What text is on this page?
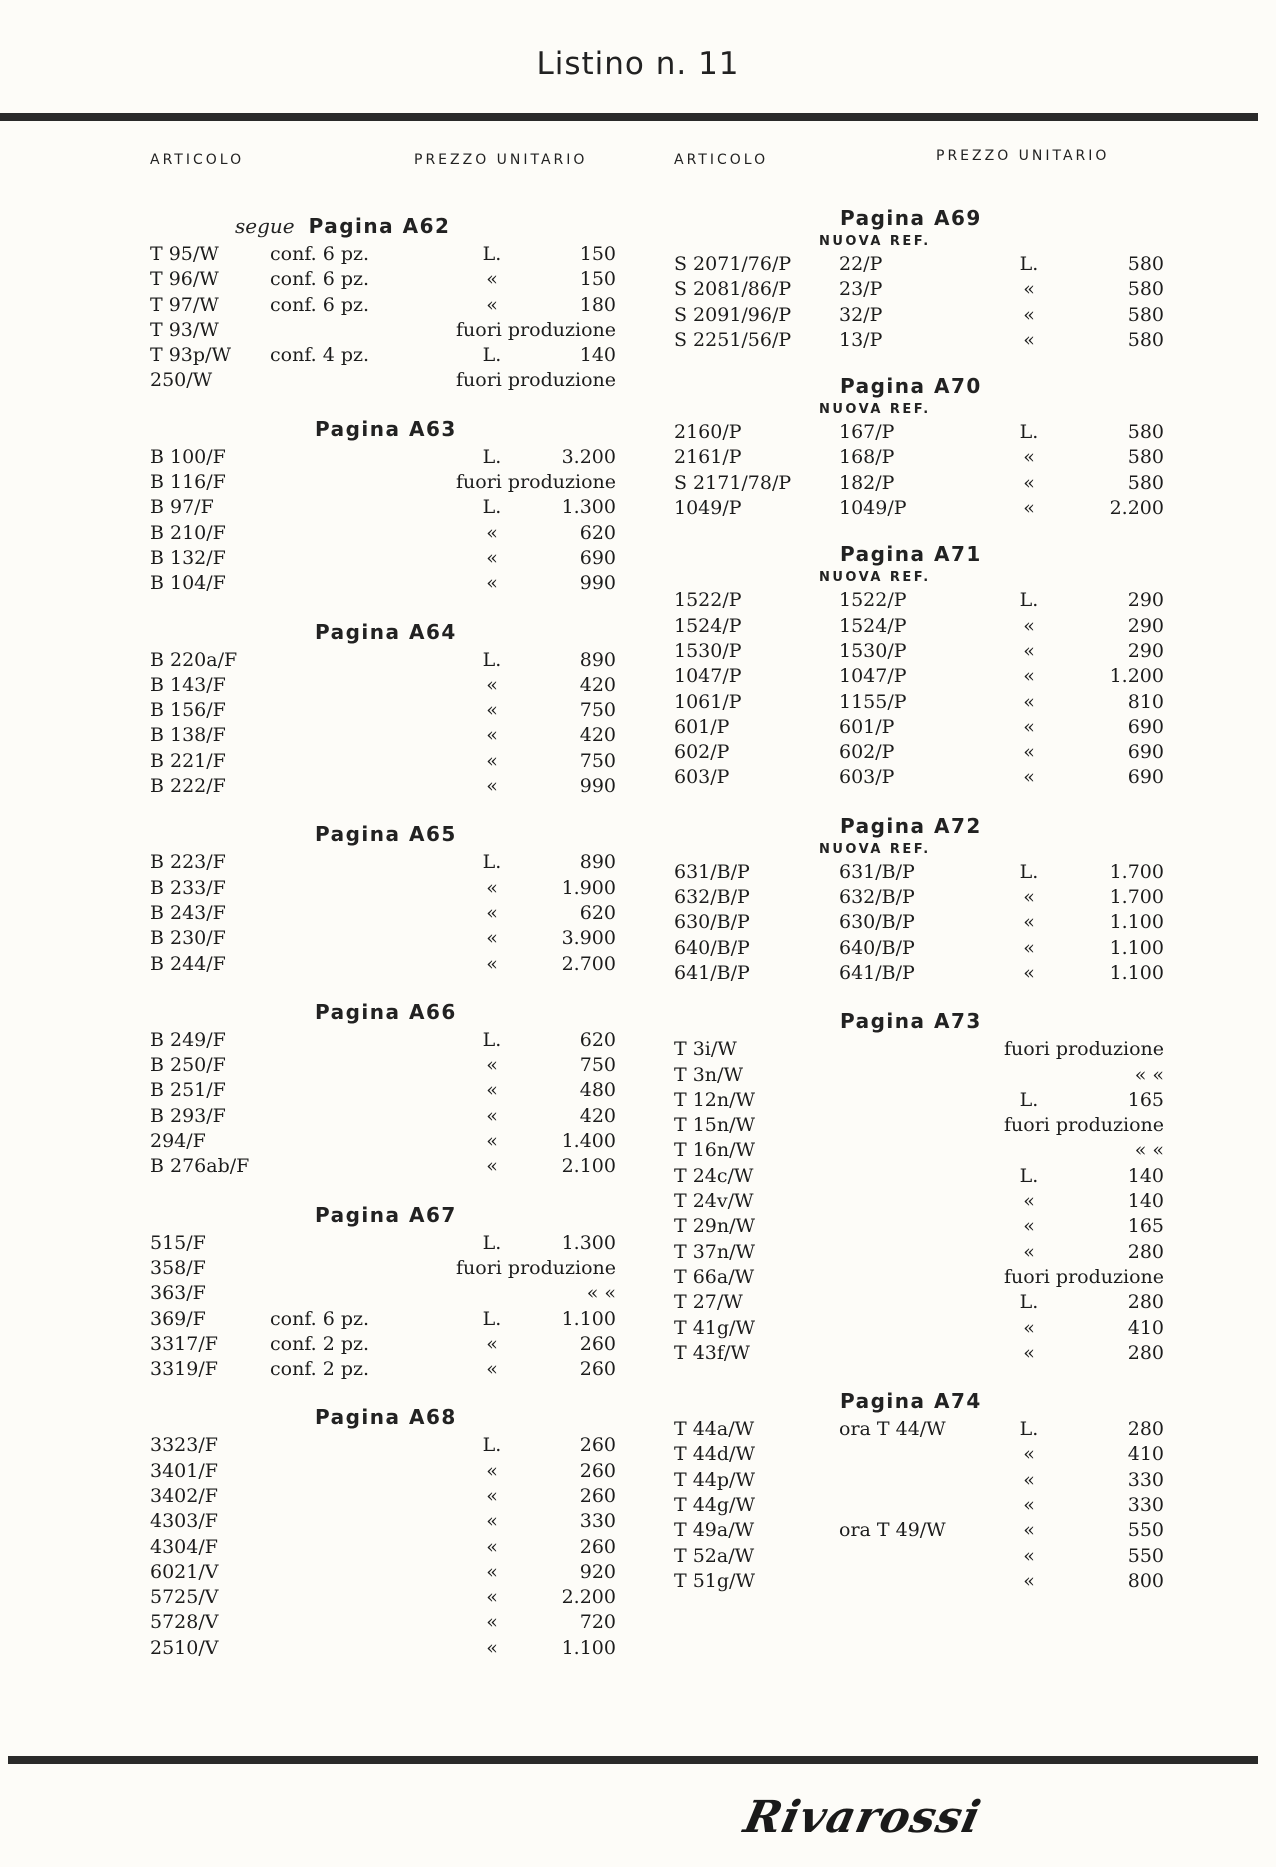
Listino n. 11
ARTICOLO	PREZZO UNITARIO
segue Pagina A62
T 95/W	conf. 6 pz.	L.	150
T 96/W	conf. 6 pz.	«	150
T 97/W	conf. 6 pz.	«	180
T 93/W	fuori produzione
T 93p/W conf. 4 pz.	L.	140
250/W	fuori produzione
Pagina A63
B 100/F	L.	3.200
B 116/F	fuori produzione
B 97/F	L.	1.300
B 210/F	«	620
B 132/F	«	690
B 104/F	«	990
Pagina A64
B 220a/F	L.	890
B 143/F	«	420
B 156/F	«	750
B 138/F	«	420
B 221/F	«	750
B 222/F	«	990
Pagina A65
B 223/F	L.	890
B 233/F	«	1.900
B 243/F	«	620
B 230/F	«	3.900
B 244/F	«	2.700
Pagina A66
B 249/F	L.	620
B 250/F	«	750
B 251/F	«	480
B 293/F	«	420
294/F	«	1.400
B 276ab/F	«	2.100
Pagina A67
515/F	L.	1.300
358/F	fuori produzione
363/F	« «
369/F	conf. 6 pz.	L.	1.100
3317/F	conf. 2 pz.	«	260
3319/F	conf. 2 pz.	«	260
Pagina A68
3323/F	L.	260
3401/F	«	260
3402/F	«	260
4303/F	«	330
4304/F	«	260
6021/V	«	920
5725/V	«	2.200
5728/V	«	720
2510/V	«	1.100
ARTICOLO	PREZZO UNITARIO
Pagina A69
NUOVA REF.
S 2071/76/P	22/P	L.	580
S 2081/86/P	23/P	«	580
S 2091/96/P	32/P	«	580
S 2251/56/P	13/P	«	580
Pagina A70
NUOVA REF.
2160/P	167/P	L.	580
2161/P	168/P	«	580
S 2171/78/P	182/P	«	580
1049/P	1049/P	«	2.200
Pagina A71
NUOVA REF.
1522/P	1522/P	L.	290
1524/P	1524/P	«	290
1530/P	1530/P	«	290
1047/P	1047/P	«	1.200
1061/P	1155/P	«	810
601/P	601/P	«	690
602/P	602/P	«	690
603/P	603/P	«	690
Pagina A72
NUOVA REF.
631/B/P	631/B/P	L.	1.700
632/B/P	632/B/P	«	1.700
630/B/P	630/B/P	«	1.100
640/B/P	640/B/P	«	1.100
641/B/P	641/B/P	«	1.100
Pagina A73
T 3i/W	fuori produzione
T 3n/W	« «
T 12n/W	L.	165
T 15n/W	fuori produzione
T 16n/W	« «
T 24c/W	L.	140
T 24v/W	«	140
T 29n/W	«	165
T 37n/W	«	280
T 66a/W	fuori produzione
T 27/W	L.	280
T 41g/W	«	410
T 43f/W	«	280
Pagina A74
T 44a/W	ora T 44/W	L.	280
T 44d/W	«	410
T 44p/W	«	330
T 44g/W	«	330
T 49a/W	ora T 49/W	«	550
T 52a/W	«	550
T 51g/W	«	800
Rivarossi
